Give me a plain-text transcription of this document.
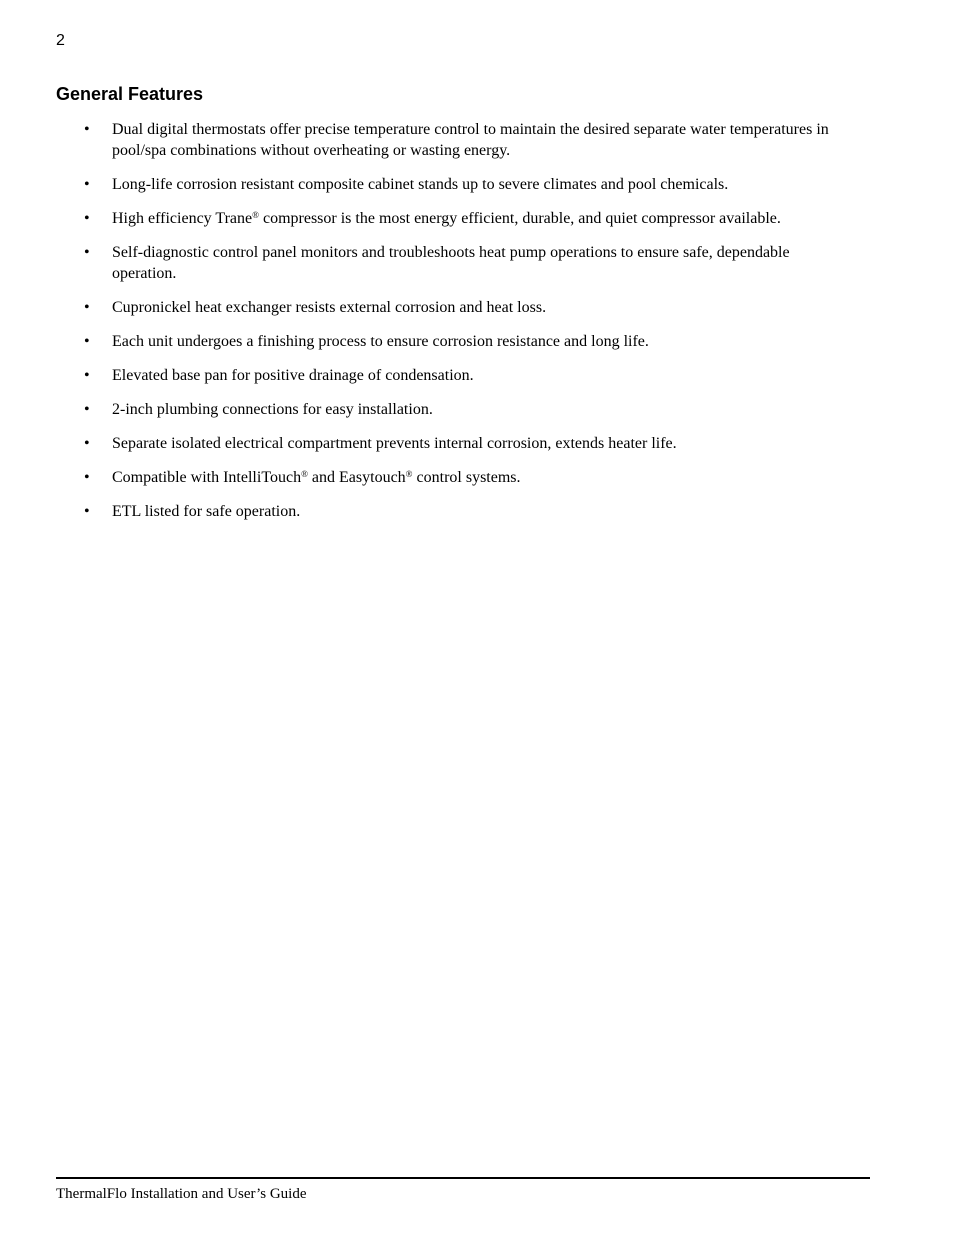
2
General Features
• Dual digital thermostats offer precise temperature control to maintain the desired separate water temperatures in pool/spa combinations without overheating or wasting energy.
• Long-life corrosion resistant composite cabinet stands up to severe climates and pool chemicals.
• High efficiency Trane® compressor is the most energy efficient, durable, and quiet compressor available.
• Self-diagnostic control panel monitors and troubleshoots heat pump operations to ensure safe, dependable operation.
• Cupronickel heat exchanger resists external corrosion and heat loss.
• Each unit undergoes a finishing process to ensure corrosion resistance and long life.
• Elevated base pan for positive drainage of condensation.
• 2-inch plumbing connections for easy installation.
• Separate isolated electrical compartment prevents internal corrosion, extends heater life.
• Compatible with IntelliTouch® and Easytouch® control systems.
• ETL listed for safe operation.
ThermalFlo Installation and User’s Guide
